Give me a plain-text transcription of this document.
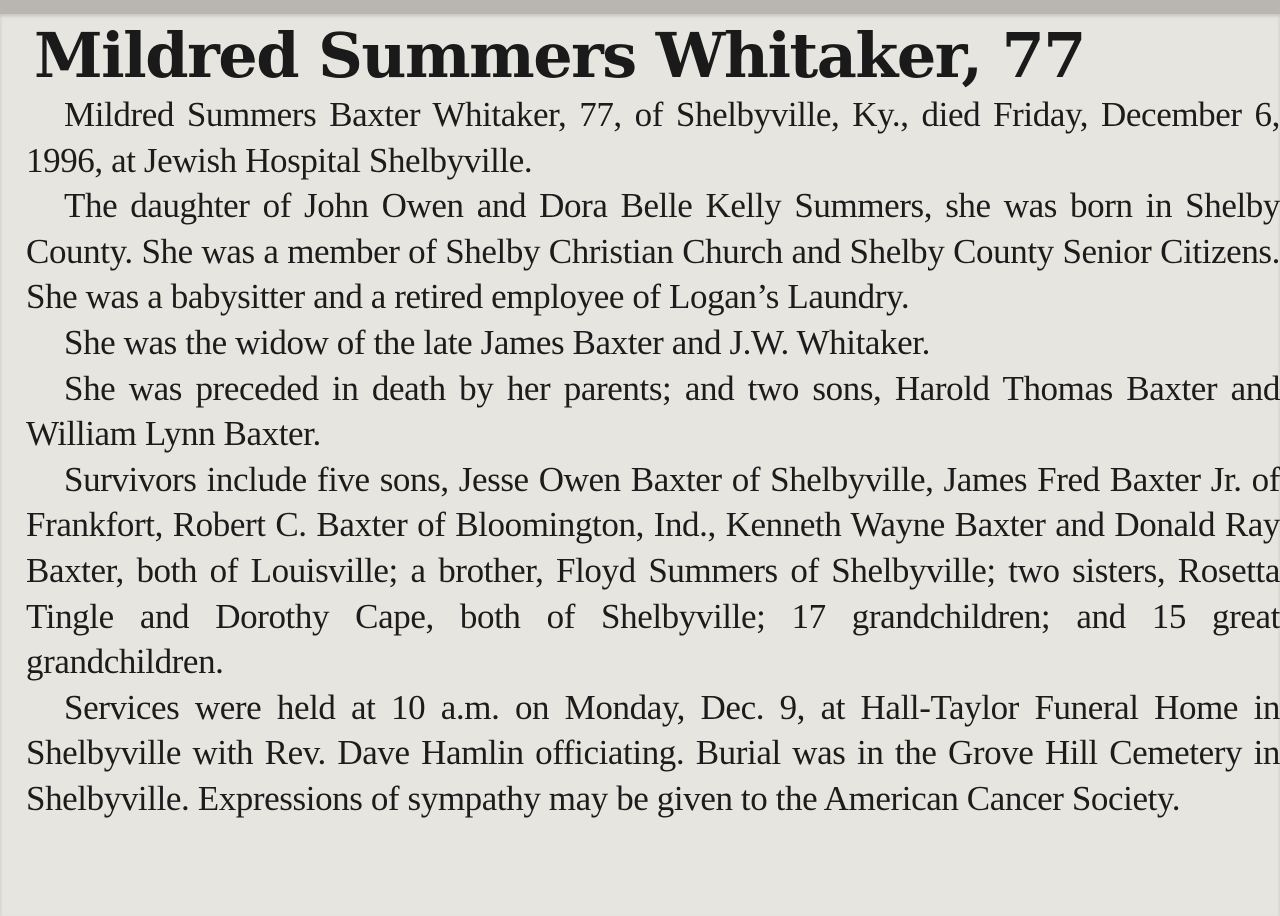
Mildred Summers Whitaker, 77

Mildred Summers Baxter Whitaker, 77, of Shelbyville, Ky., died Friday, December 6, 1996, at Jewish Hospital Shelbyville.

The daughter of John Owen and Dora Belle Kelly Summers, she was born in Shelby County. She was a member of Shelby Christian Church and Shelby County Senior Citizens. She was a babysitter and a retired employee of Logan’s Laundry.

She was the widow of the late James Baxter and J.W. Whitaker.

She was preceded in death by her parents; and two sons, Harold Thomas Baxter and William Lynn Baxter.

Survivors include five sons, Jesse Owen Baxter of Shelbyville, James Fred Baxter Jr. of Frankfort, Robert C. Baxter of Bloomington, Ind., Kenneth Wayne Baxter and Donald Ray Baxter, both of Louisville; a brother, Floyd Summers of Shelbyville; two sisters, Rosetta Tingle and Dorothy Cape, both of Shelbyville; 17 grandchildren; and 15 great grandchildren.

Services were held at 10 a.m. on Monday, Dec. 9, at Hall-Taylor Funeral Home in Shelbyville with Rev. Dave Hamlin officiating. Burial was in the Grove Hill Cemetery in Shelbyville. Expressions of sympathy may be given to the American Cancer Society.
